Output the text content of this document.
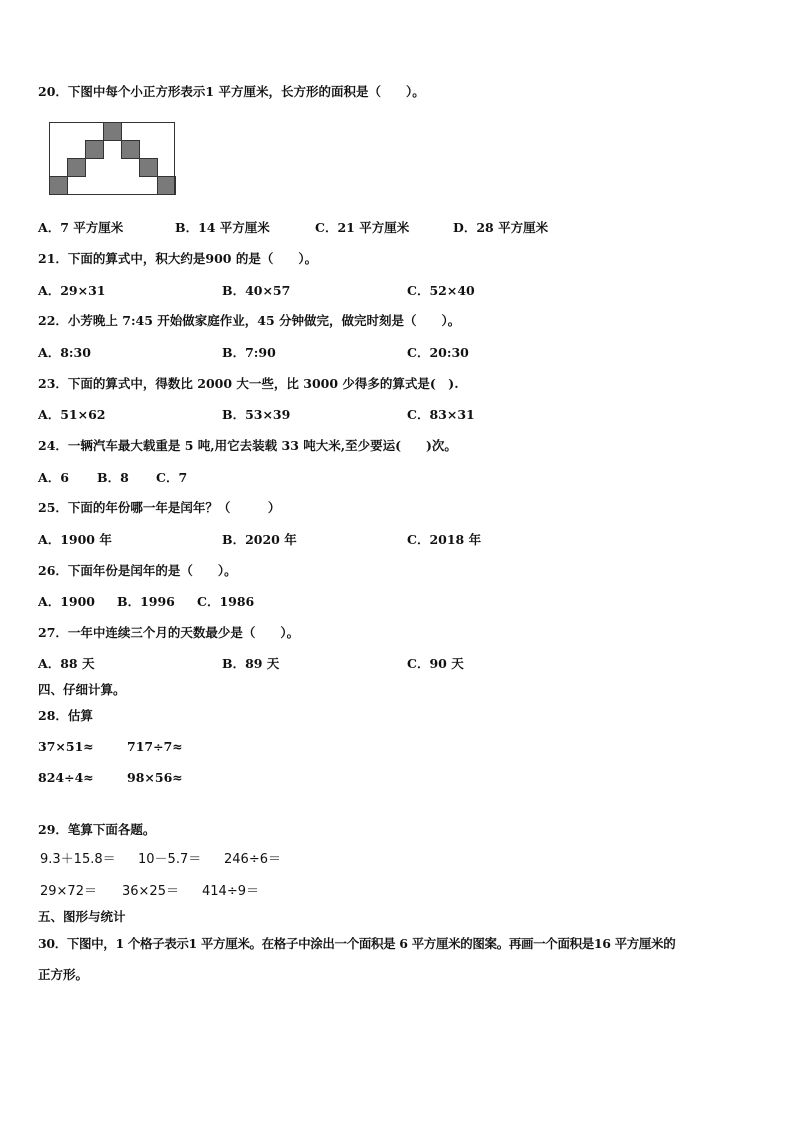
20．下图中每个小正方形表示1 平方厘米，长方形的面积是（　　）。
A．7 平方厘米	B．14 平方厘米	C．21 平方厘米	D．28 平方厘米
21．下面的算式中，积大约是900 的是（　　）。
A．29×31	B．40×57	C．52×40
22．小芳晚上 7:45 开始做家庭作业，45 分钟做完，做完时刻是（　　）。
A．8:30	B．7:90	C．20:30
23．下面的算式中，得数比 2000 大一些，比 3000 少得多的算式是(　).
A．51×62	B．53×39	C．83×31
24．一辆汽车最大载重是 5 吨,用它去装载 33 吨大米,至少要运(　　)次。
A．6 B．8 C．7
25．下面的年份哪一年是闰年？（　　　）
A．1900 年	B．2020 年	C．2018 年
26．下面年份是闰年的是（　　）。
A．1900 B．1996 C．1986
27．一年中连续三个月的天数最少是（　　）。
A．88 天	B．89 天	C．90 天
四、仔细计算。
28．估算
37×51≈	717÷7≈
824÷4≈	98×56≈
29．笔算下面各题。
9.3＋15.8＝ 10－5.7＝ 246÷6＝
29×72＝ 36×25＝ 414÷9＝
五、图形与统计
30．下图中，1 个格子表示1 平方厘米。在格子中涂出一个面积是 6 平方厘米的图案。再画一个面积是16 平方厘米的
正方形。
